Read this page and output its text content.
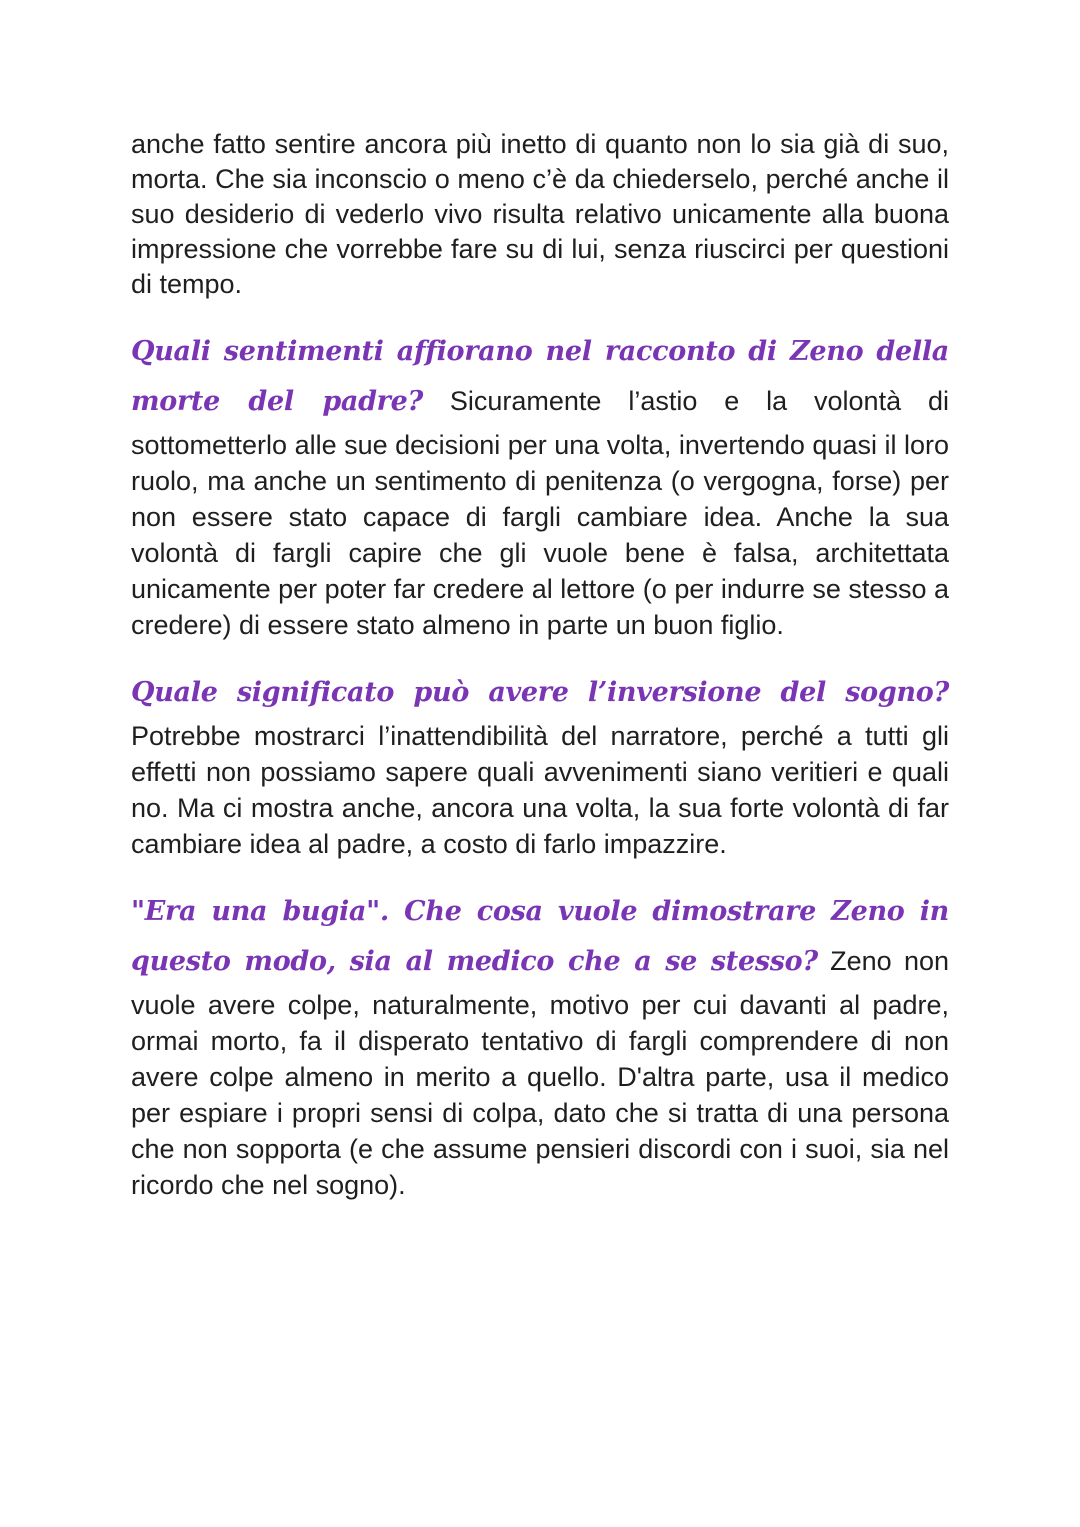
anche fatto sentire ancora più inetto di quanto non lo sia già di suo, morta. Che sia inconscio o meno c’è da chiederselo, perché anche il suo desiderio di vederlo vivo risulta relativo unicamente alla buona impressione che vorrebbe fare su di lui, senza riuscirci per questioni di tempo.

Quali sentimenti affiorano nel racconto di Zeno della morte del padre? Sicuramente l’astio e la volontà di sottometterlo alle sue decisioni per una volta, invertendo quasi il loro ruolo, ma anche un sentimento di penitenza (o vergogna, forse) per non essere stato capace di fargli cambiare idea. Anche la sua volontà di fargli capire che gli vuole bene è falsa, architettata unicamente per poter far credere al lettore (o per indurre se stesso a credere) di essere stato almeno in parte un buon figlio.

Quale significato può avere l’inversione del sogno? Potrebbe mostrarci l’inattendibilità del narratore, perché a tutti gli effetti non possiamo sapere quali avvenimenti siano veritieri e quali no. Ma ci mostra anche, ancora una volta, la sua forte volontà di far cambiare idea al padre, a costo di farlo impazzire.

"Era una bugia". Che cosa vuole dimostrare Zeno in questo modo, sia al medico che a se stesso? Zeno non vuole avere colpe, naturalmente, motivo per cui davanti al padre, ormai morto, fa il disperato tentativo di fargli comprendere di non avere colpe almeno in merito a quello. D'altra parte, usa il medico per espiare i propri sensi di colpa, dato che si tratta di una persona che non sopporta (e che assume pensieri discordi con i suoi, sia nel ricordo che nel sogno).
